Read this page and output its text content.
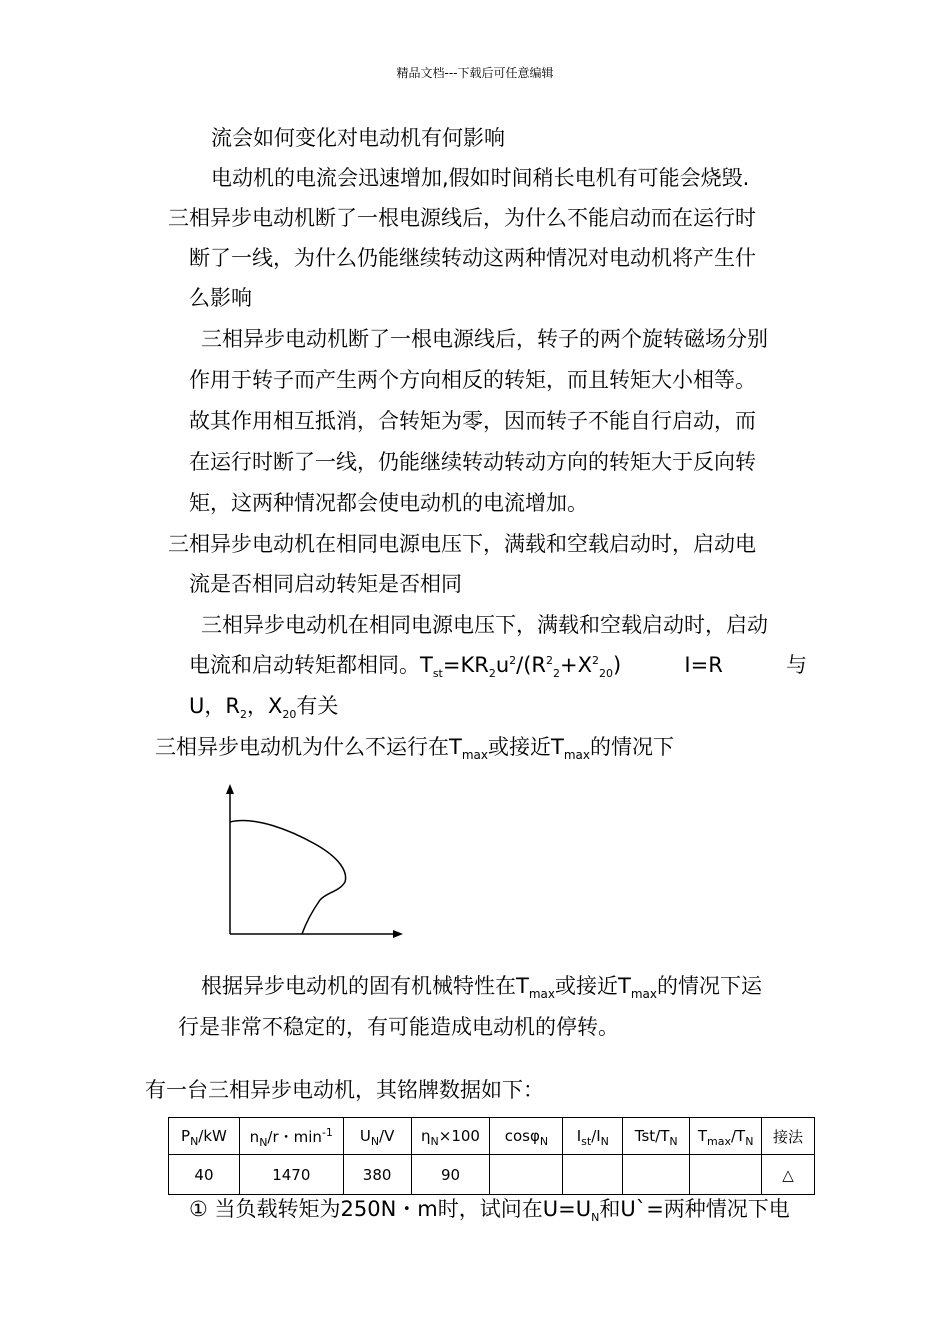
精品文档---下载后可任意编辑
流会如何变化对电动机有何影响
电动机的电流会迅速增加,假如时间稍长电机有可能会烧毁.
三相异步电动机断了一根电源线后，为什么不能启动而在运行时
断了一线，为什么仍能继续转动这两种情况对电动机将产生什
么影响
三相异步电动机断了一根电源线后，转子的两个旋转磁场分别
作用于转子而产生两个方向相反的转矩，而且转矩大小相等。
故其作用相互抵消，合转矩为零，因而转子不能自行启动，而
在运行时断了一线，仍能继续转动转动方向的转矩大于反向转
矩，这两种情况都会使电动机的电流增加。
三相异步电动机在相同电源电压下，满载和空载启动时，启动电
流是否相同启动转矩是否相同
三相异步电动机在相同电源电压下，满载和空载启动时，启动
电流和启动转矩都相同。$T_{st}=KR_2u^2/(R^2_2+X^2_{20})$	I=R	与
U，$R_2$，$X_{20}$有关
三相异步电动机为什么不运行在$T_{max}$或接近$T_{max}$的情况下
根据异步电动机的固有机械特性在$T_{max}$或接近$T_{max}$的情况下运
行是非常不稳定的，有可能造成电动机的停转。
有一台三相异步电动机，其铭牌数据如下：
$P_N/kW$	$n_N/r$・$\min^{-1}$	$U_N/V$	$\eta_N\times 100$	cosφ$_N$	$I_{st}/I_N$	Tst/$T_N$	$T_{max}/T_N$	接法
40	1470	380	90					△
① 当负载转矩为250N・m时，试问在$U=U_N$和U`=两种情况下电
